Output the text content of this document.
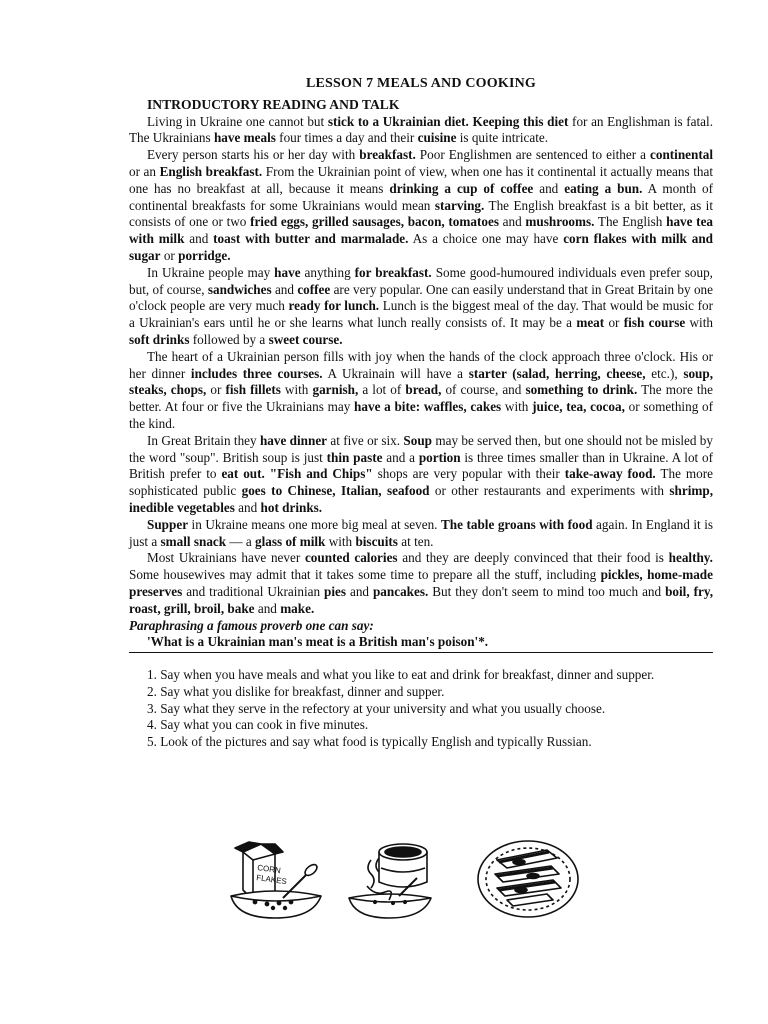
LESSON 7 MEALS AND COOKING
INTRODUCTORY READING AND TALK

Living in Ukraine one cannot but stick to a Ukrainian diet. Keeping this diet for an Englishman is fatal. The Ukrainians have meals four times a day and their cuisine is quite intricate.

Every person starts his or her day with breakfast. Poor Englishmen are sentenced to either a continental or an English breakfast. From the Ukrainian point of view, when one has it continental it actually means that one has no breakfast at all, because it means drinking a cup of coffee and eating a bun. A month of continental breakfasts for some Ukrainians would mean starving. The English breakfast is a bit better, as it consists of one or two fried eggs, grilled sausages, bacon, tomatoes and mushrooms. The English have tea with milk and toast with butter and marmalade. As a choice one may have corn flakes with milk and sugar or porridge.

In Ukraine people may have anything for breakfast. Some good-humoured individuals even prefer soup, but, of course, sandwiches and coffee are very popular. One can easily understand that in Great Britain by one o'clock people are very much ready for lunch. Lunch is the biggest meal of the day. That would be music for a Ukrainian's ears until he or she learns what lunch really consists of. It may be a meat or fish course with soft drinks followed by a sweet course.

The heart of a Ukrainian person fills with joy when the hands of the clock approach three o'clock. His or her dinner includes three courses. A Ukrainain will have a starter (salad, herring, cheese, etc.), soup, steaks, chops, or fish fillets with garnish, a lot of bread, of course, and something to drink. The more the better. At four or five the Ukrainians may have a bite: waffles, cakes with juice, tea, cocoa, or something of the kind.

In Great Britain they have dinner at five or six. Soup may be served then, but one should not be misled by the word "soup". British soup is just thin paste and a portion is three times smaller than in Ukraine. A lot of British prefer to eat out. "Fish and Chips" shops are very popular with their take-away food. The more sophisticated public goes to Chinese, Italian, seafood or other restaurants and experiments with shrimp, inedible vegetables and hot drinks.

Supper in Ukraine means one more big meal at seven. The table groans with food again. In England it is just a small snack — a glass of milk with biscuits at ten.

Most Ukrainians have never counted calories and they are deeply convinced that their food is healthy. Some housewives may admit that it takes some time to prepare all the stuff, including pickles, home-made preserves and traditional Ukrainian pies and pancakes. But they don't seem to mind too much and boil, fry, roast, grill, broil, bake and make.

Paraphrasing a famous proverb one can say:
'What is a Ukrainian man's meat is a British man's poison'*.

1. Say when you have meals and what you like to eat and drink for breakfast, dinner and supper.

2. Say what you dislike for breakfast, dinner and supper.

3. Say what they serve in the refectory at your university and what you usually choose.

4. Say what you can cook in five minutes.

5. Look of the pictures and say what food is typically English and typically Russian.

CORN
FLAKES
